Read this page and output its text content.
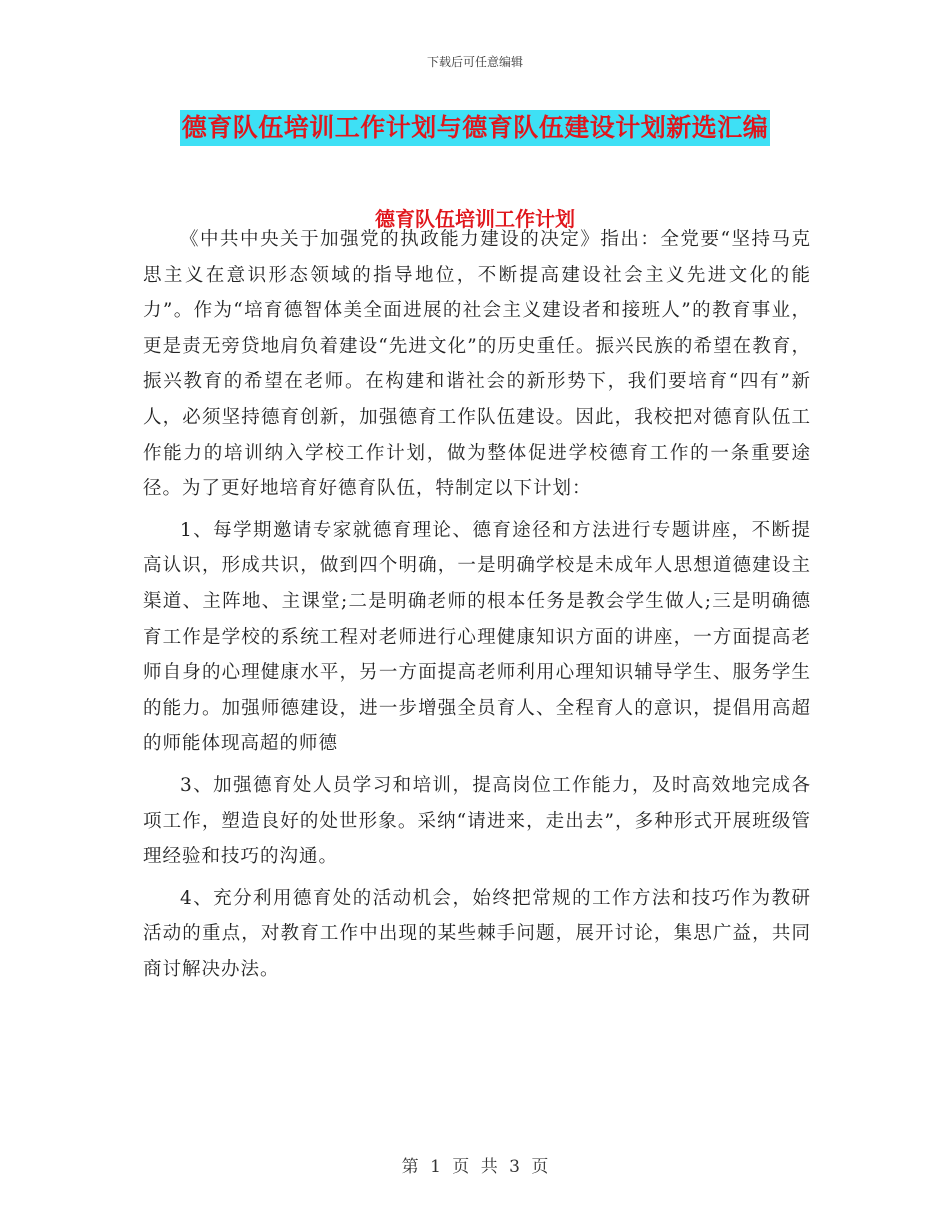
下载后可任意编辑
德育队伍培训工作计划与德育队伍建设计划新选汇编
德育队伍培训工作计划

《中共中央关于加强党的执政能力建设的决定》指出：全党要“坚持马克思主义在意识形态领域的指导地位，不断提高建设社会主义先进文化的能力”。作为“培育德智体美全面进展的社会主义建设者和接班人”的教育事业，更是责无旁贷地肩负着建设“先进文化”的历史重任。振兴民族的希望在教育，振兴教育的希望在老师。在构建和谐社会的新形势下，我们要培育“四有”新人，必须坚持德育创新，加强德育工作队伍建设。因此，我校把对德育队伍工作能力的培训纳入学校工作计划，做为整体促进学校德育工作的一条重要途径。为了更好地培育好德育队伍，特制定以下计划：

1、每学期邀请专家就德育理论、德育途径和方法进行专题讲座，不断提高认识，形成共识，做到四个明确，一是明确学校是未成年人思想道德建设主渠道、主阵地、主课堂;二是明确老师的根本任务是教会学生做人;三是明确德育工作是学校的系统工程对老师进行心理健康知识方面的讲座，一方面提高老师自身的心理健康水平，另一方面提高老师利用心理知识辅导学生、服务学生的能力。加强师德建设，进一步增强全员育人、全程育人的意识，提倡用高超的师能体现高超的师德

3、加强德育处人员学习和培训，提高岗位工作能力，及时高效地完成各项工作，塑造良好的处世形象。采纳“请进来，走出去”，多种形式开展班级管理经验和技巧的沟通。

4、充分利用德育处的活动机会，始终把常规的工作方法和技巧作为教研活动的重点，对教育工作中出现的某些棘手问题，展开讨论，集思广益，共同商讨解决办法。

第 1 页 共 3 页
